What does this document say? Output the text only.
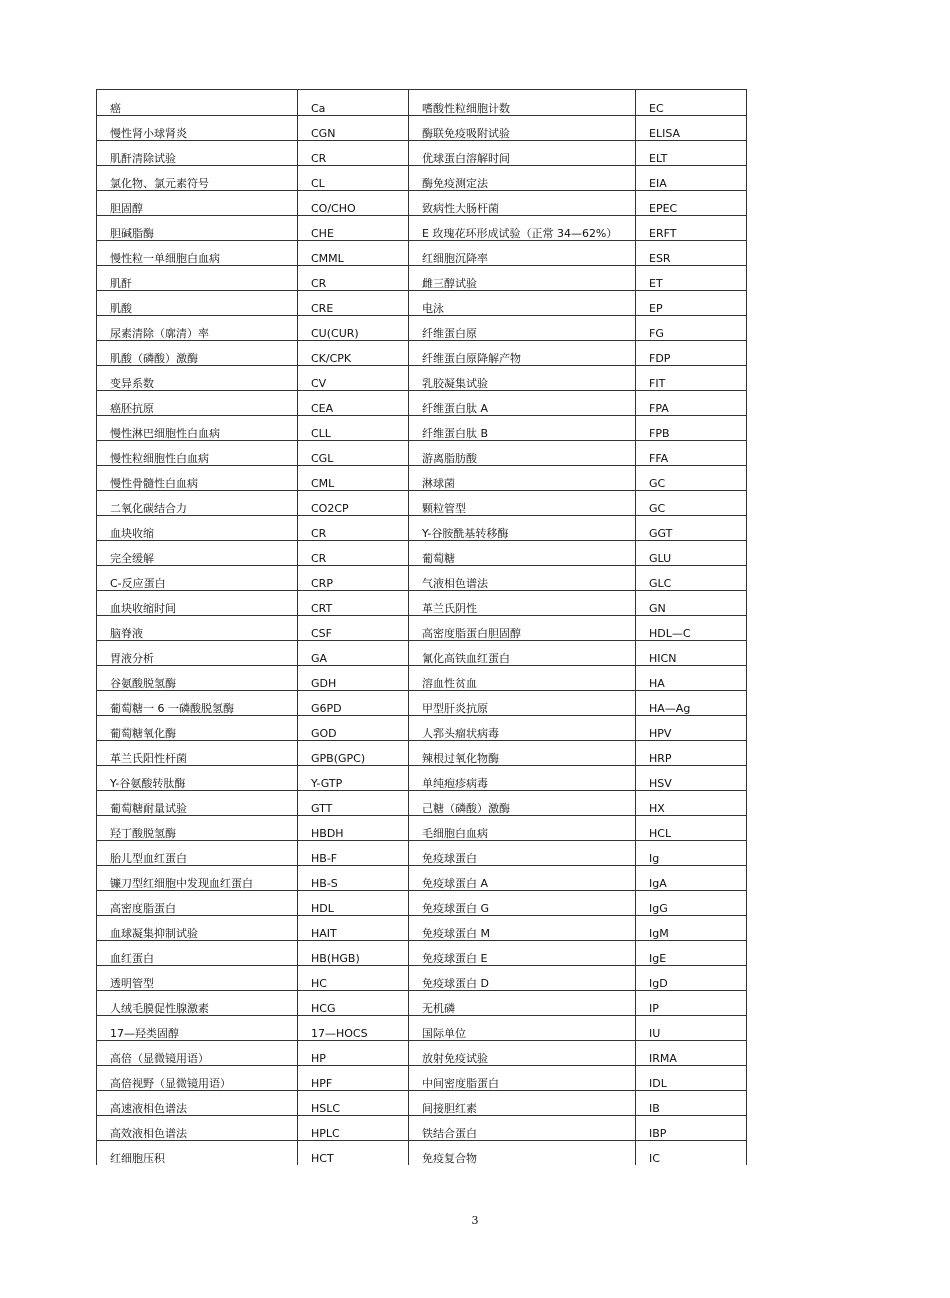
癌	Ca	嗜酸性粒细胞计数	EC
慢性肾小球肾炎	CGN	酶联免疫吸附试验	ELISA
肌酐清除试验	CR	优球蛋白溶解时间	ELT
氯化物、氯元素符号	CL	酶免疫测定法	EIA
胆固醇	CO/CHO	致病性大肠杆菌	EPEC
胆碱脂酶	CHE	E 玫瑰花环形成试验（正常 34—62%）	ERFT
慢性粒一单细胞白血病	CMML	红细胞沉降率	ESR
肌酐	CR	雌三醇试验	ET
肌酸	CRE	电泳	EP
尿素清除（廓清）率	CU(CUR)	纤维蛋白原	FG
肌酸（磷酸）激酶	CK/CPK	纤维蛋白原降解产物	FDP
变异系数	CV	乳胶凝集试验	FIT
癌胚抗原	CEA	纤维蛋白肽 A	FPA
慢性淋巴细胞性白血病	CLL	纤维蛋白肽 B	FPB
慢性粒细胞性白血病	CGL	游离脂肪酸	FFA
慢性骨髓性白血病	CML	淋球菌	GC
二氧化碳结合力	CO2CP	颗粒管型	GC
血块收缩	CR	Y-谷胺酰基转移酶	GGT
完全缓解	CR	葡萄糖	GLU
C-反应蛋白	CRP	气液相色谱法	GLC
血块收缩时间	CRT	革兰氏阴性	GN
脑脊液	CSF	高密度脂蛋白胆固醇	HDL—C
胃液分析	GA	氰化高铁血红蛋白	HICN
谷氨酸脱氢酶	GDH	溶血性贫血	HA
葡萄糖一 6 一磷酸脱氢酶	G6PD	甲型肝炎抗原	HA—Ag
葡萄糖氧化酶	GOD	人郛头瘤状病毒	HPV
革兰氏阳性杆菌	GPB(GPC)	辣根过氧化物酶	HRP
Y-谷氨酸转肽酶	Y-GTP	单纯疱疹病毒	HSV
葡萄糖耐量试验	GTT	己糖（磷酸）激酶	HX
羟丁酸脱氢酶	HBDH	毛细胞白血病	HCL
胎儿型血红蛋白	HB-F	免疫球蛋白	Ig
镰刀型红细胞中发现血红蛋白	HB-S	免疫球蛋白 A	IgA
高密度脂蛋白	HDL	免疫球蛋白 G	IgG
血球凝集抑制试验	HAIT	免疫球蛋白 M	IgM
血红蛋白	HB(HGB)	免疫球蛋白 E	IgE
透明管型	HC	免疫球蛋白 D	IgD
人绒毛膜促性腺激素	HCG	无机磷	IP
17—羟类固醇	17—HOCS	国际单位	IU
高倍（显微镜用语）	HP	放射免疫试验	IRMA
高倍视野（显微镜用语）	HPF	中间密度脂蛋白	IDL
高速液相色谱法	HSLC	间接胆红素	IB
高效液相色谱法	HPLC	铁结合蛋白	IBP
红细胞压积	HCT	免疫复合物	IC
3
